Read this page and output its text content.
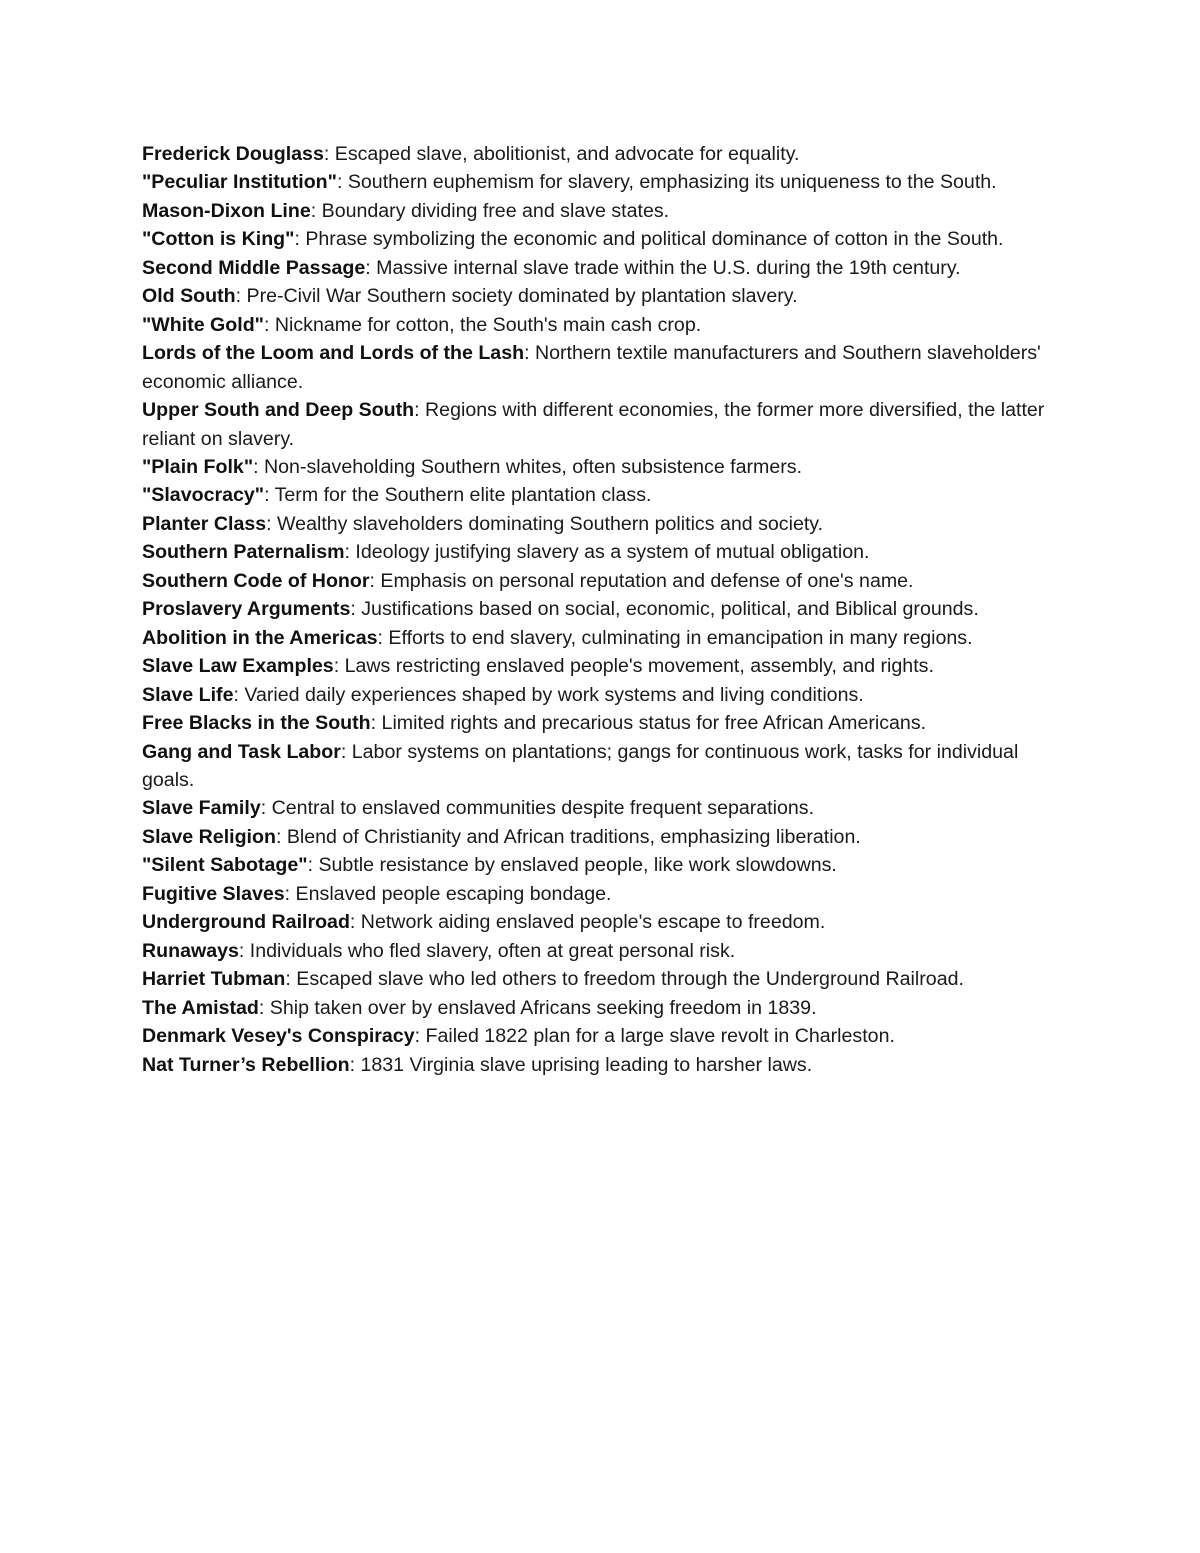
Frederick Douglass: Escaped slave, abolitionist, and advocate for equality.

"Peculiar Institution": Southern euphemism for slavery, emphasizing its uniqueness to the South.

Mason-Dixon Line: Boundary dividing free and slave states.

"Cotton is King": Phrase symbolizing the economic and political dominance of cotton in the South.

Second Middle Passage: Massive internal slave trade within the U.S. during the 19th century.

Old South: Pre-Civil War Southern society dominated by plantation slavery.

"White Gold": Nickname for cotton, the South's main cash crop.

Lords of the Loom and Lords of the Lash: Northern textile manufacturers and Southern slaveholders' economic alliance.

Upper South and Deep South: Regions with different economies, the former more diversified, the latter reliant on slavery.

"Plain Folk": Non-slaveholding Southern whites, often subsistence farmers.

"Slavocracy": Term for the Southern elite plantation class.

Planter Class: Wealthy slaveholders dominating Southern politics and society.

Southern Paternalism: Ideology justifying slavery as a system of mutual obligation.

Southern Code of Honor: Emphasis on personal reputation and defense of one's name.

Proslavery Arguments: Justifications based on social, economic, political, and Biblical grounds.

Abolition in the Americas: Efforts to end slavery, culminating in emancipation in many regions.

Slave Law Examples: Laws restricting enslaved people's movement, assembly, and rights.

Slave Life: Varied daily experiences shaped by work systems and living conditions.

Free Blacks in the South: Limited rights and precarious status for free African Americans.

Gang and Task Labor: Labor systems on plantations; gangs for continuous work, tasks for individual goals.

Slave Family: Central to enslaved communities despite frequent separations.

Slave Religion: Blend of Christianity and African traditions, emphasizing liberation.

"Silent Sabotage": Subtle resistance by enslaved people, like work slowdowns.

Fugitive Slaves: Enslaved people escaping bondage.

Underground Railroad: Network aiding enslaved people's escape to freedom.

Runaways: Individuals who fled slavery, often at great personal risk.

Harriet Tubman: Escaped slave who led others to freedom through the Underground Railroad.

The Amistad: Ship taken over by enslaved Africans seeking freedom in 1839.

Denmark Vesey's Conspiracy: Failed 1822 plan for a large slave revolt in Charleston.

Nat Turner’s Rebellion: 1831 Virginia slave uprising leading to harsher laws.
